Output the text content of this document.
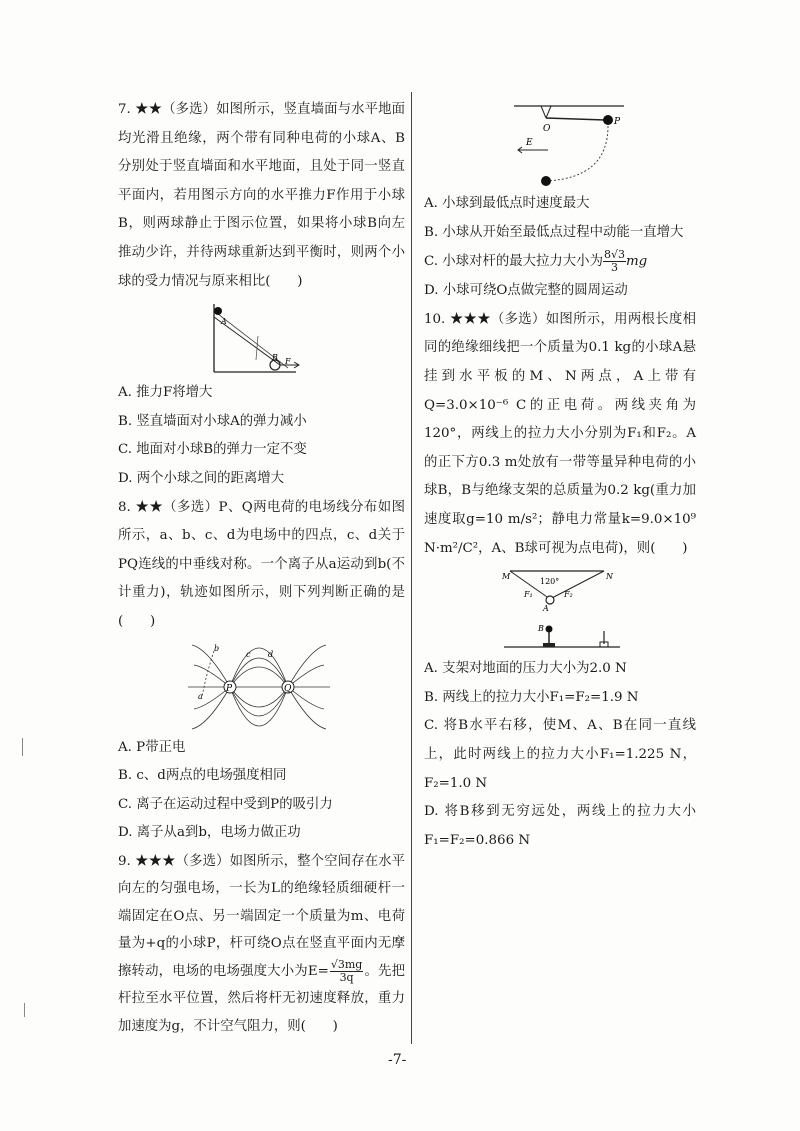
7. ★★（多选）如图所示，竖直墙面与水平地面均光滑且绝缘，两个带有同种电荷的小球A、B分别处于竖直墙面和水平地面，且处于同一竖直平面内，若用图示方向的水平推力F作用于小球B，则两球静止于图示位置，如果将小球B向左推动少许，并待两球重新达到平衡时，则两个小球的受力情况与原来相比(　　)

A
B F
A. 推力F将增大
B. 竖直墙面对小球A的弹力减小
C. 地面对小球B的弹力一定不变
D. 两个小球之间的距离增大

8. ★★（多选）P、Q两电荷的电场线分布如图所示，a、b、c、d为电场中的四点，c、d关于PQ连线的中垂线对称。一个离子从a运动到b(不计重力)，轨迹如图所示，则下列判断正确的是(　　)

P	Q
a
b
c d
A. P带正电
B. c、d两点的电场强度相同
C. 离子在运动过程中受到P的吸引力
D. 离子从a到b，电场力做正功

9. ★★★（多选）如图所示，整个空间存在水平向左的匀强电场，一长为L的绝缘轻质细硬杆一端固定在O点、另一端固定一个质量为m、电荷量为+q的小球P，杆可绕O点在竖直平面内无摩擦转动，电场的电场强度大小为$E= \frac{√3mg}{3q}$ 。先把杆拉至水平位置，然后将杆无初速度释放，重力加速度为g，不计空气阻力，则(　　)

O
P
E
A. 小球到最低点时速度最大
B. 小球从开始至最低点过程中动能一直增大
C. 小球对杆的最大拉力大小为 $\frac{8√3}{3}$ mg
D. 小球可绕O点做完整的圆周运动

10. ★★★（多选）如图所示，用两根长度相同的绝缘细线把一个质量为0.1 kg的小球A悬挂到水平板的M、N两点，A上带有Q=3.0×10⁻⁶ C的正电荷。两线夹角为120°，两线上的拉力大小分别为F₁和F₂。A的正下方0.3 m处放有一带等量异种电荷的小球B，B与绝缘支架的总质量为0.2 kg(重力加速度取g=10 m/s²；静电力常量k=9.0×10⁹ N·m²/C²，A、B球可视为点电荷)，则(　　)

M	N
120°
F₁	F₂
A
B
A. 支架对地面的压力大小为2.0 N
B. 两线上的拉力大小F₁=F₂=1.9 N
C. 将B水平右移，使M、A、B在同一直线上，此时两线上的拉力大小F₁=1.225 N，F₂=1.0 N
D. 将B移到无穷远处，两线上的拉力大小F₁=F₂=0.866 N
-7-
